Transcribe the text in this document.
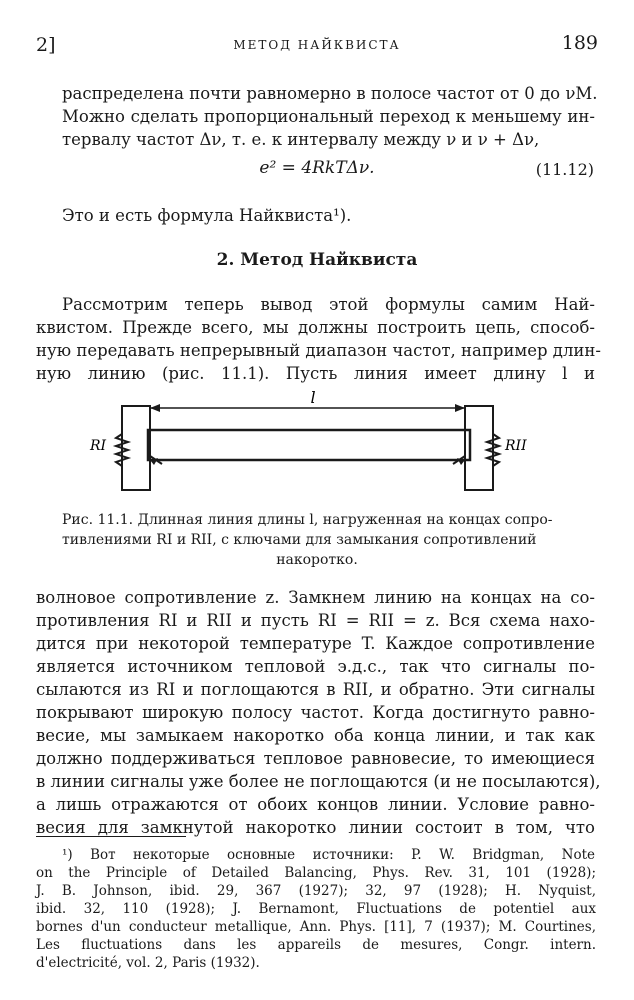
2]	МЕТОД НАЙКВИСТА	189
распределена почти равномерно в полосе частот от 0 до νM.
Можно сделать пропорциональный переход к меньшему ин-
тервалу частот Δν, т. е. к интервалу между ν и ν + Δν,
e² = 4RkTΔν.	(11.12)
Это и есть формула Найквиста¹).
2. Метод Найквиста
Рассмотрим теперь вывод этой формулы самим Най-
квистом. Прежде всего, мы должны построить цепь, способ-
ную передавать непрерывный диапазон частот, например длин-
ную линию (рис. 11.1). Пусть линия имеет длину l и
l
RI	RII
Рис. 11.1. Длинная линия длины l, нагруженная на концах сопро-
тивлениями RI и RII, с ключами для замыкания сопротивлений
накоротко.
волновое сопротивление z. Замкнем линию на концах на со-
противления RI и RII и пусть RI = RII = z. Вся схема нахо-
дится при некоторой температуре T. Каждое сопротивление
является источником тепловой э.д.с., так что сигналы по-
сылаются из RI и поглощаются в RII, и обратно. Эти сигналы
покрывают широкую полосу частот. Когда достигнуто равно-
весие, мы замыкаем накоротко оба конца линии, и так как
должно поддерживаться тепловое равновесие, то имеющиеся
в линии сигналы уже более не поглощаются (и не посылаются),
а лишь отражаются от обоих концов линии. Условие равно-
весия для замкнутой накоротко линии состоит в том, что
¹) Вот некоторые основные источники: P. W. Bridgman, Note
on the Principle of Detailed Balancing, Phys. Rev. 31, 101 (1928);
J. B. Johnson, ibid. 29, 367 (1927); 32, 97 (1928); H. Nyquist,
ibid. 32, 110 (1928); J. Bernamont, Fluctuations de potentiel aux
bornes d'un conducteur metallique, Ann. Phys. [11], 7 (1937); M. Courtines,
Les fluctuations dans les appareils de mesures, Congr. intern.
d'electricité, vol. 2, Paris (1932).
